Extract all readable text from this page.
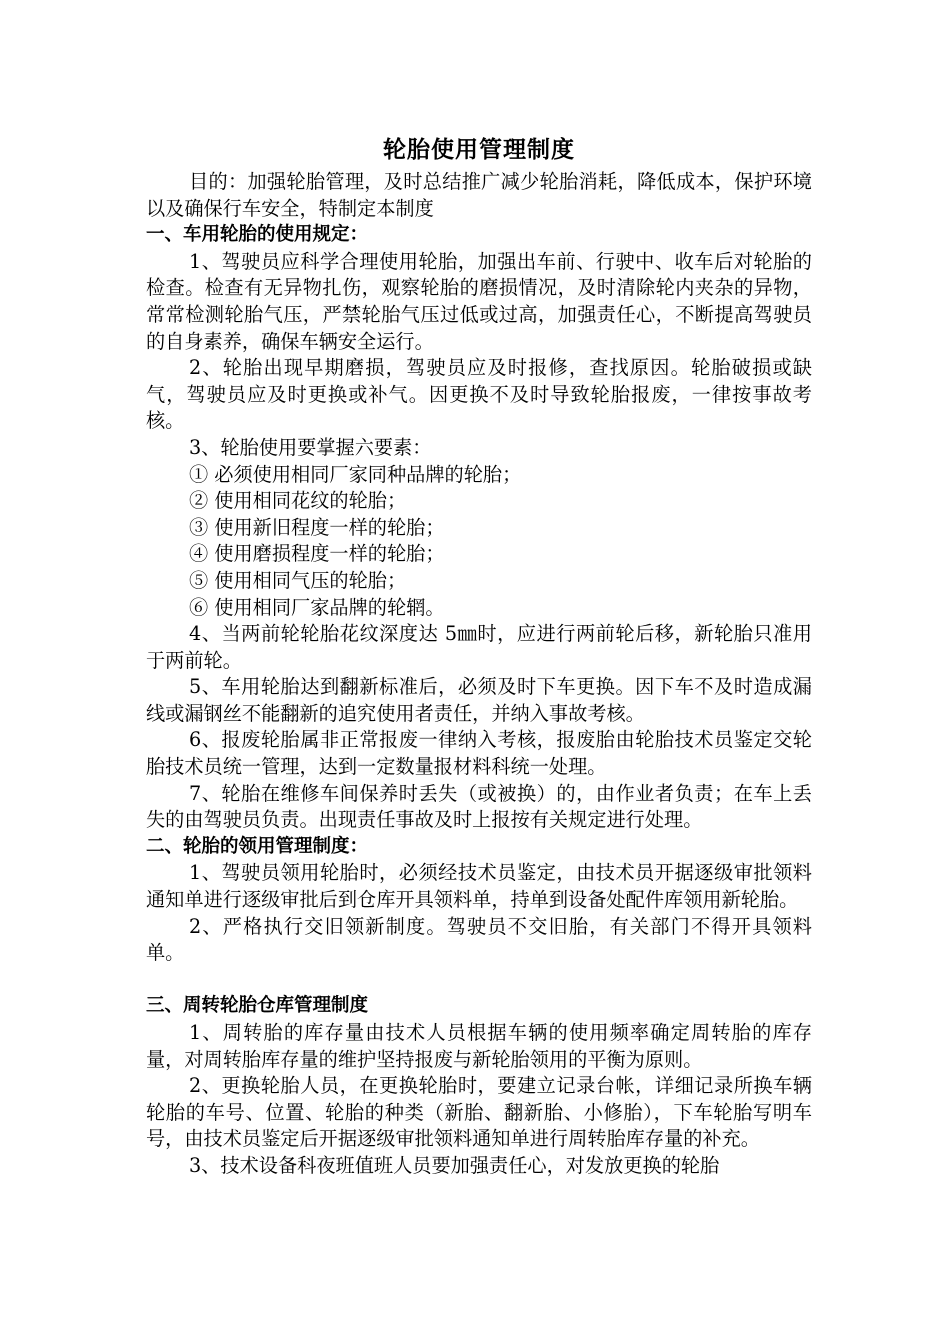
轮胎使用管理制度

目的：加强轮胎管理，及时总结推广减少轮胎消耗，降低成本，保护环境以及确保行车安全，特制定本制度

一、车用轮胎的使用规定：

1、驾驶员应科学合理使用轮胎，加强出车前、行驶中、收车后对轮胎的检查。检查有无异物扎伤，观察轮胎的磨损情况，及时清除轮内夹杂的异物，常常检测轮胎气压，严禁轮胎气压过低或过高，加强责任心，不断提高驾驶员的自身素养，确保车辆安全运行。

2、轮胎出现早期磨损，驾驶员应及时报修，查找原因。轮胎破损或缺气，驾驶员应及时更换或补气。因更换不及时导致轮胎报废，一律按事故考核。

3、轮胎使用要掌握六要素：

① 必须使用相同厂家同种品牌的轮胎；

② 使用相同花纹的轮胎；

③ 使用新旧程度一样的轮胎；

④ 使用磨损程度一样的轮胎；

⑤ 使用相同气压的轮胎；

⑥ 使用相同厂家品牌的轮辋。

4、当两前轮轮胎花纹深度达 5㎜时，应进行两前轮后移，新轮胎只准用于两前轮。

5、车用轮胎达到翻新标准后，必须及时下车更换。因下车不及时造成漏线或漏钢丝不能翻新的追究使用者责任，并纳入事故考核。

6、报废轮胎属非正常报废一律纳入考核，报废胎由轮胎技术员鉴定交轮胎技术员统一管理，达到一定数量报材料科统一处理。

7、轮胎在维修车间保养时丢失（或被换）的，由作业者负责；在车上丢失的由驾驶员负责。出现责任事故及时上报按有关规定进行处理。

二、轮胎的领用管理制度：

1、驾驶员领用轮胎时，必须经技术员鉴定，由技术员开据逐级审批领料通知单进行逐级审批后到仓库开具领料单，持单到设备处配件库领用新轮胎。

2、严格执行交旧领新制度。驾驶员不交旧胎，有关部门不得开具领料单。

三、周转轮胎仓库管理制度

1、周转胎的库存量由技术人员根据车辆的使用频率确定周转胎的库存量，对周转胎库存量的维护坚持报废与新轮胎领用的平衡为原则。

2、更换轮胎人员，在更换轮胎时，要建立记录台帐，详细记录所换车辆轮胎的车号、位置、轮胎的种类（新胎、翻新胎、小修胎），下车轮胎写明车号，由技术员鉴定后开据逐级审批领料通知单进行周转胎库存量的补充。

3、技术设备科夜班值班人员要加强责任心，对发放更换的轮胎
